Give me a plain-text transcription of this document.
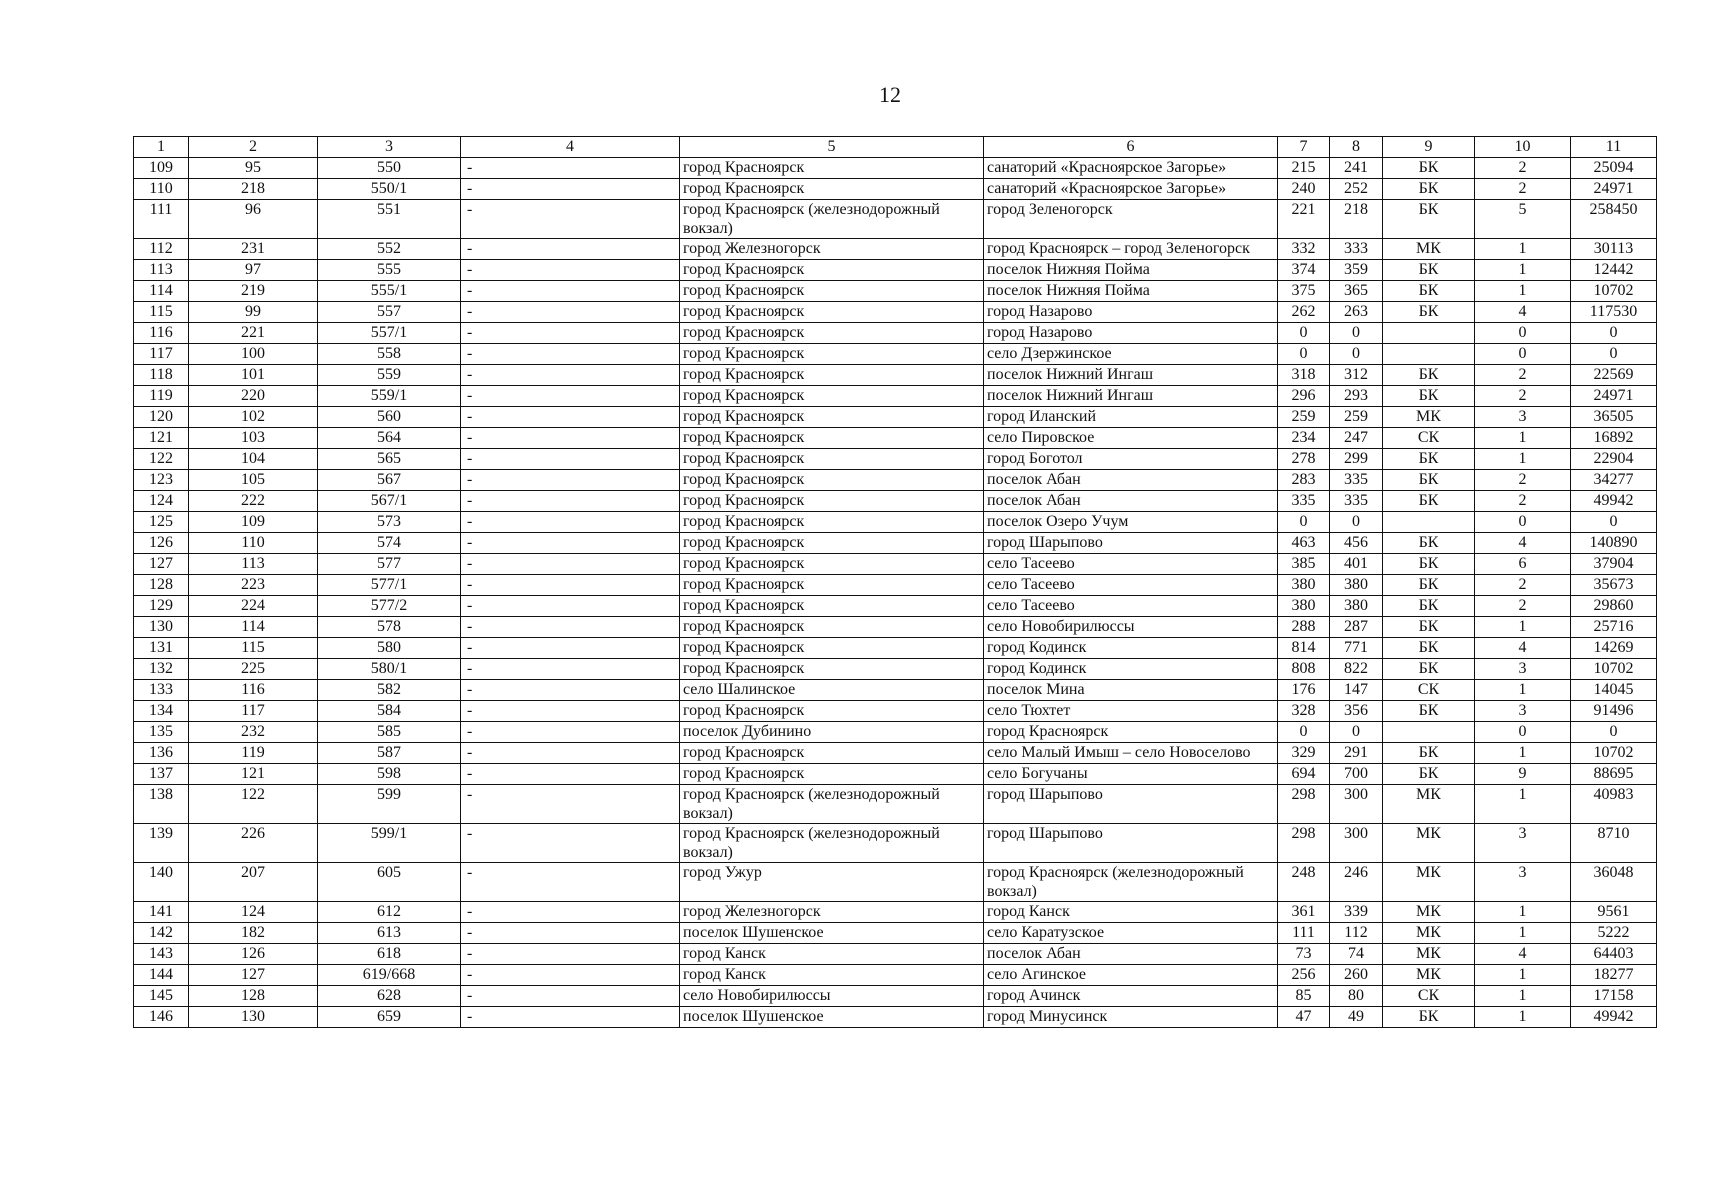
12
1	2	3	4	5	6	7	8	9	10	11
109	95	550	-	город Красноярск	санаторий «Красноярское Загорье»	215	241	БК	2	25094
110	218	550/1	-	город Красноярск	санаторий «Красноярское Загорье»	240	252	БК	2	24971
111	96	551	-	город Красноярск (железнодорожный вокзал)	город Зеленогорск	221	218	БК	5	258450
112	231	552	-	город Железногорск	город Красноярск – город Зеленогорск	332	333	МК	1	30113
113	97	555	-	город Красноярск	поселок Нижняя Пойма	374	359	БК	1	12442
114	219	555/1	-	город Красноярск	поселок Нижняя Пойма	375	365	БК	1	10702
115	99	557	-	город Красноярск	город Назарово	262	263	БК	4	117530
116	221	557/1	-	город Красноярск	город Назарово	0	0		0	0
117	100	558	-	город Красноярск	село Дзержинское	0	0		0	0
118	101	559	-	город Красноярск	поселок Нижний Ингаш	318	312	БК	2	22569
119	220	559/1	-	город Красноярск	поселок Нижний Ингаш	296	293	БК	2	24971
120	102	560	-	город Красноярск	город Иланский	259	259	МК	3	36505
121	103	564	-	город Красноярск	село Пировское	234	247	СК	1	16892
122	104	565	-	город Красноярск	город Боготол	278	299	БК	1	22904
123	105	567	-	город Красноярск	поселок Абан	283	335	БК	2	34277
124	222	567/1	-	город Красноярск	поселок Абан	335	335	БК	2	49942
125	109	573	-	город Красноярск	поселок Озеро Учум	0	0		0	0
126	110	574	-	город Красноярск	город Шарыпово	463	456	БК	4	140890
127	113	577	-	город Красноярск	село Тасеево	385	401	БК	6	37904
128	223	577/1	-	город Красноярск	село Тасеево	380	380	БК	2	35673
129	224	577/2	-	город Красноярск	село Тасеево	380	380	БК	2	29860
130	114	578	-	город Красноярск	село Новобирилюссы	288	287	БК	1	25716
131	115	580	-	город Красноярск	город Кодинск	814	771	БК	4	14269
132	225	580/1	-	город Красноярск	город Кодинск	808	822	БК	3	10702
133	116	582	-	село Шалинское	поселок Мина	176	147	СК	1	14045
134	117	584	-	город Красноярск	село Тюхтет	328	356	БК	3	91496
135	232	585	-	поселок Дубинино	город Красноярск	0	0		0	0
136	119	587	-	город Красноярск	село Малый Имыш – село Новоселово	329	291	БК	1	10702
137	121	598	-	город Красноярск	село Богучаны	694	700	БК	9	88695
138	122	599	-	город Красноярск (железнодорожный вокзал)	город Шарыпово	298	300	МК	1	40983
139	226	599/1	-	город Красноярск (железнодорожный вокзал)	город Шарыпово	298	300	МК	3	8710
140	207	605	-	город Ужур	город Красноярск (железнодорожный вокзал)	248	246	МК	3	36048
141	124	612	-	город Железногорск	город Канск	361	339	МК	1	9561
142	182	613	-	поселок Шушенское	село Каратузское	111	112	МК	1	5222
143	126	618	-	город Канск	поселок Абан	73	74	МК	4	64403
144	127	619/668	-	город Канск	село Агинское	256	260	МК	1	18277
145	128	628	-	село Новобирилюссы	город Ачинск	85	80	СК	1	17158
146	130	659	-	поселок Шушенское	город Минусинск	47	49	БК	1	49942
